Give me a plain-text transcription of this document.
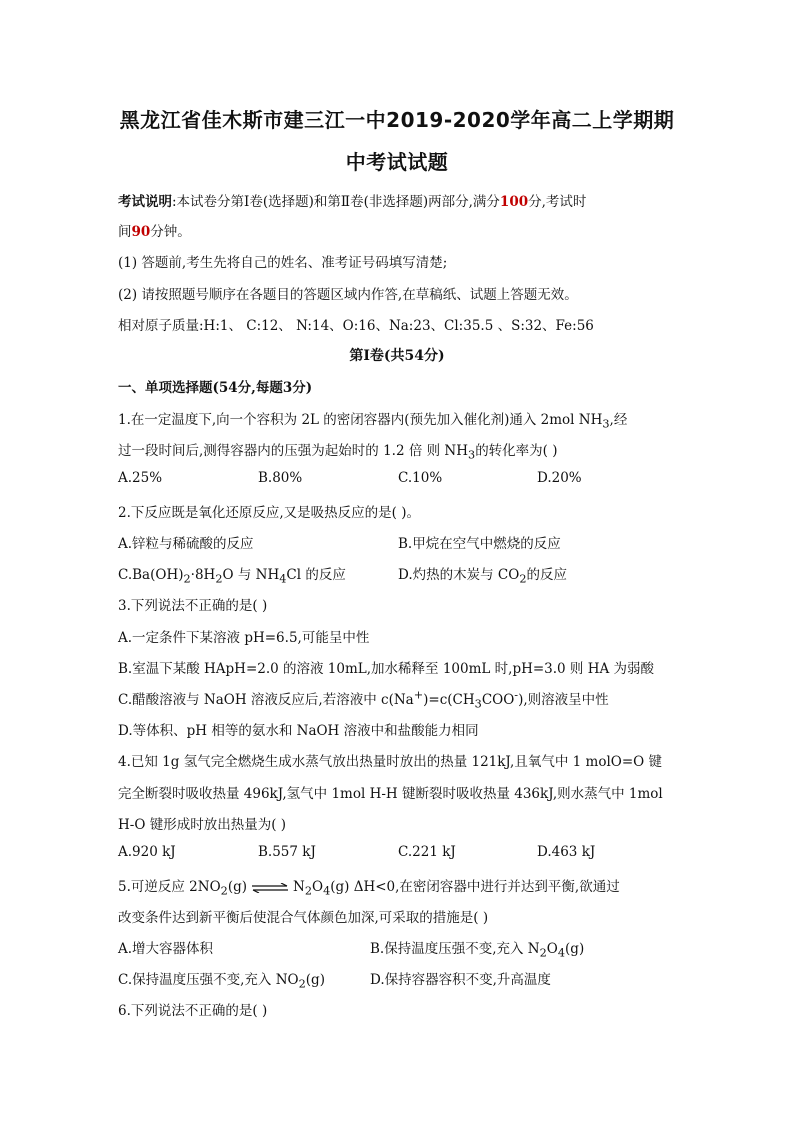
黑龙江省佳木斯市建三江一中2019-2020学年高二上学期期
中考试试题
考试说明:本试卷分第Ⅰ卷(选择题)和第Ⅱ卷(非选择题)两部分,满分100分,考试时
间90分钟。
(1) 答题前,考生先将自己的姓名、准考证号码填写清楚;
(2) 请按照题号顺序在各题目的答题区域内作答,在草稿纸、试题上答题无效。
相对原子质量:H:1、 C:12、 N:14、O:16、Na:23、Cl:35.5 、S:32、Fe:56
第Ⅰ卷(共54分)
一、单项选择题(54分,每题3分)
1.在一定温度下,向一个容积为 2L 的密闭容器内(预先加入催化剂)通入 2mol $NH_3$,经
过一段时间后,测得容器内的压强为起始时的 1.2 倍 则 $NH_3$的转化率为( )
A.25%	B.80%	C.10%	D.20%
2.下反应既是氧化还原反应,又是吸热反应的是( )。
A.锌粒与稀硫酸的反应	B.甲烷在空气中燃烧的反应
$C.Ba(OH)_2\cdot 8H_2O$ 与 $NH_4Cl$ 的反应	D.灼热的木炭与 $CO_2$的反应
3.下列说法不正确的是( )
A.一定条件下某溶液 pH=6.5,可能呈中性
B.室温下某酸 HApH=2.0 的溶液 10mL,加水稀释至 100mL 时,pH=3.0 则 HA 为弱酸
C.醋酸溶液与 NaOH 溶液反应后,若溶液中 $c(Na^+)=c(CH_3COO^-)$,则溶液呈中性
D.等体积、pH 相等的氨水和 NaOH 溶液中和盐酸能力相同
4.已知 1g 氢气完全燃烧生成水蒸气放出热量时放出的热量 121kJ,且氧气中 1 molO=O 键
完全断裂时吸收热量 496kJ,氢气中 1mol H-H 键断裂时吸收热量 436kJ,则水蒸气中 1mol
H-O 键形成时放出热量为( )
A.920 kJ	B.557 kJ	C.221 kJ	D.463 kJ
5.可逆反应 $2NO_2(g)$ ⇌ $N_2O_4(g)$ ΔH<0,在密闭容器中进行并达到平衡,欲通过
改变条件达到新平衡后使混合气体颜色加深,可采取的措施是( )
A.增大容器体积	B.保持温度压强不变,充入 $N_2O_4(g)$
C.保持温度压强不变,充入 $NO_2(g)$	D.保持容器容积不变,升高温度
6.下列说法不正确的是( )
